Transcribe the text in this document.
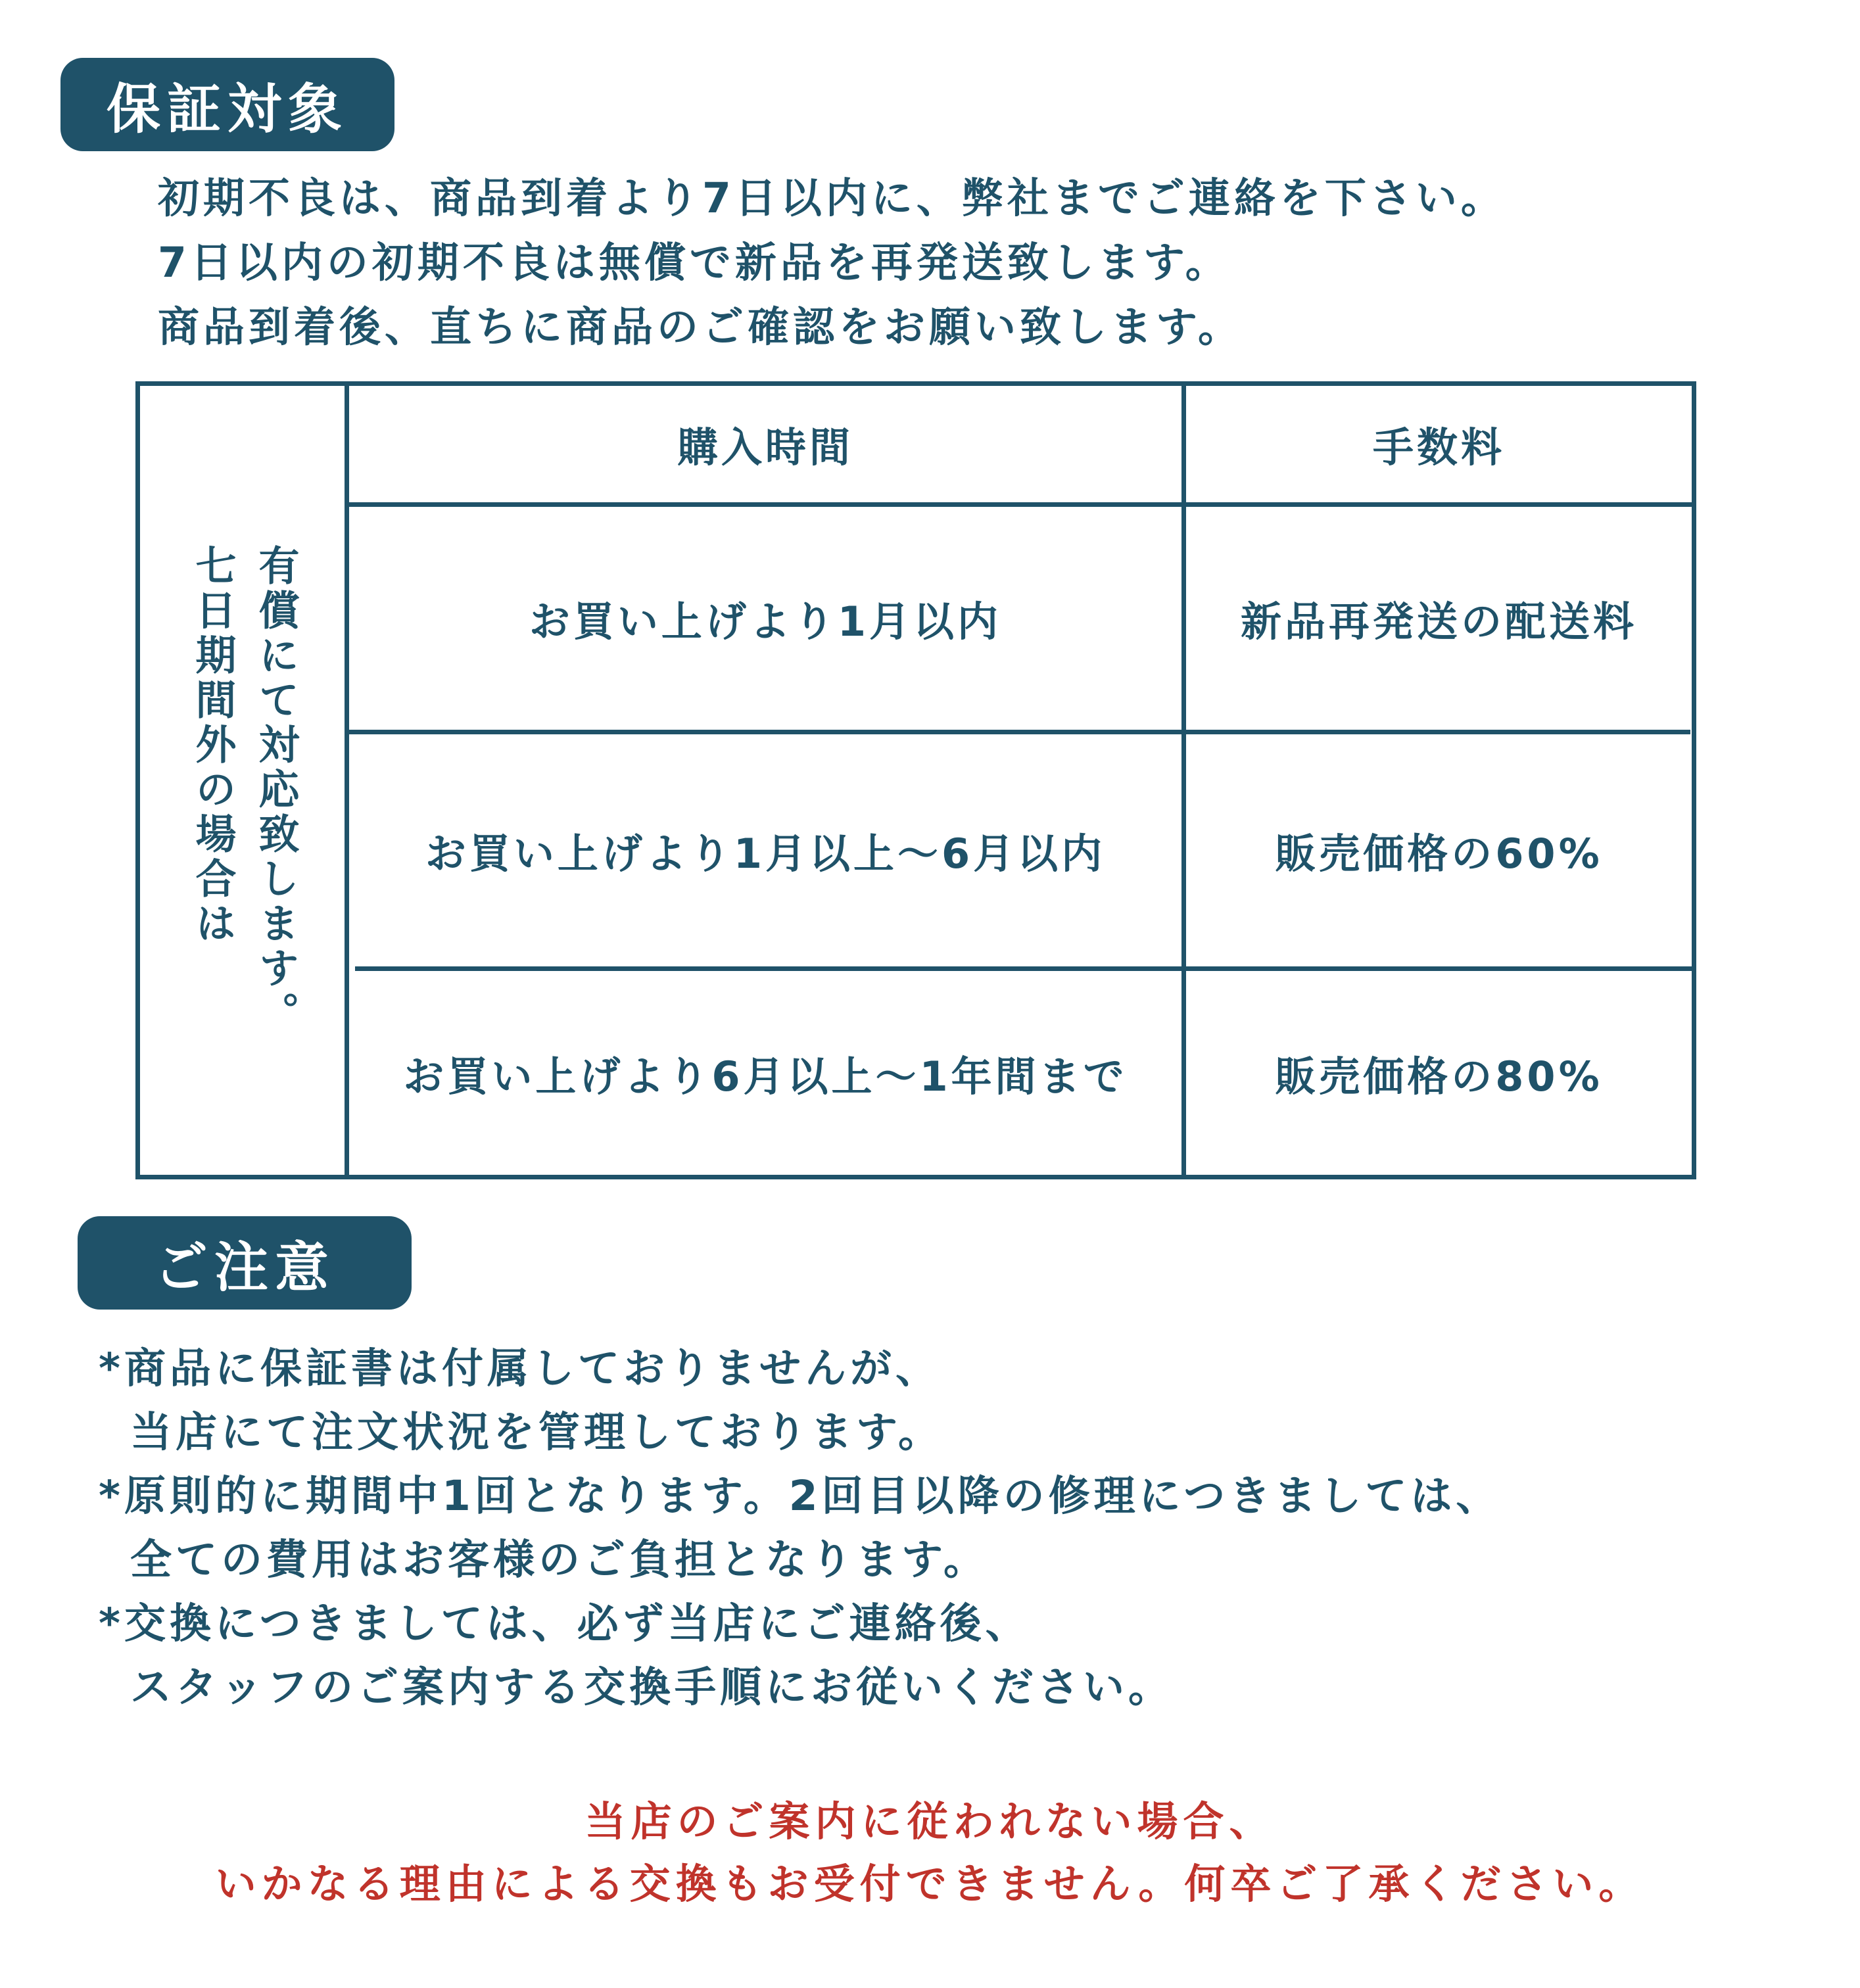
保証対象
初期不良は、商品到着より7日以内に、弊社までご連絡を下さい。
7日以内の初期不良は無償で新品を再発送致します。
商品到着後、直ちに商品のご確認をお願い致します。
有償にて対応致します。
七日期間外の場合は
購入時間	手数料
お買い上げより1月以内	新品再発送の配送料
お買い上げより1月以上〜6月以内	販売価格の60%
お買い上げより6月以上〜1年間まで	販売価格の80%
ご注意
*商品に保証書は付属しておりませんが、
当店にて注文状況を管理しております。
*原則的に期間中1回となります。2回目以降の修理につきましては、
全ての費用はお客様のご負担となります。
*交換につきましては、必ず当店にご連絡後、
スタッフのご案内する交換手順にお従いください。
当店のご案内に従われない場合、
いかなる理由による交換もお受付できません。何卒ご了承ください。
